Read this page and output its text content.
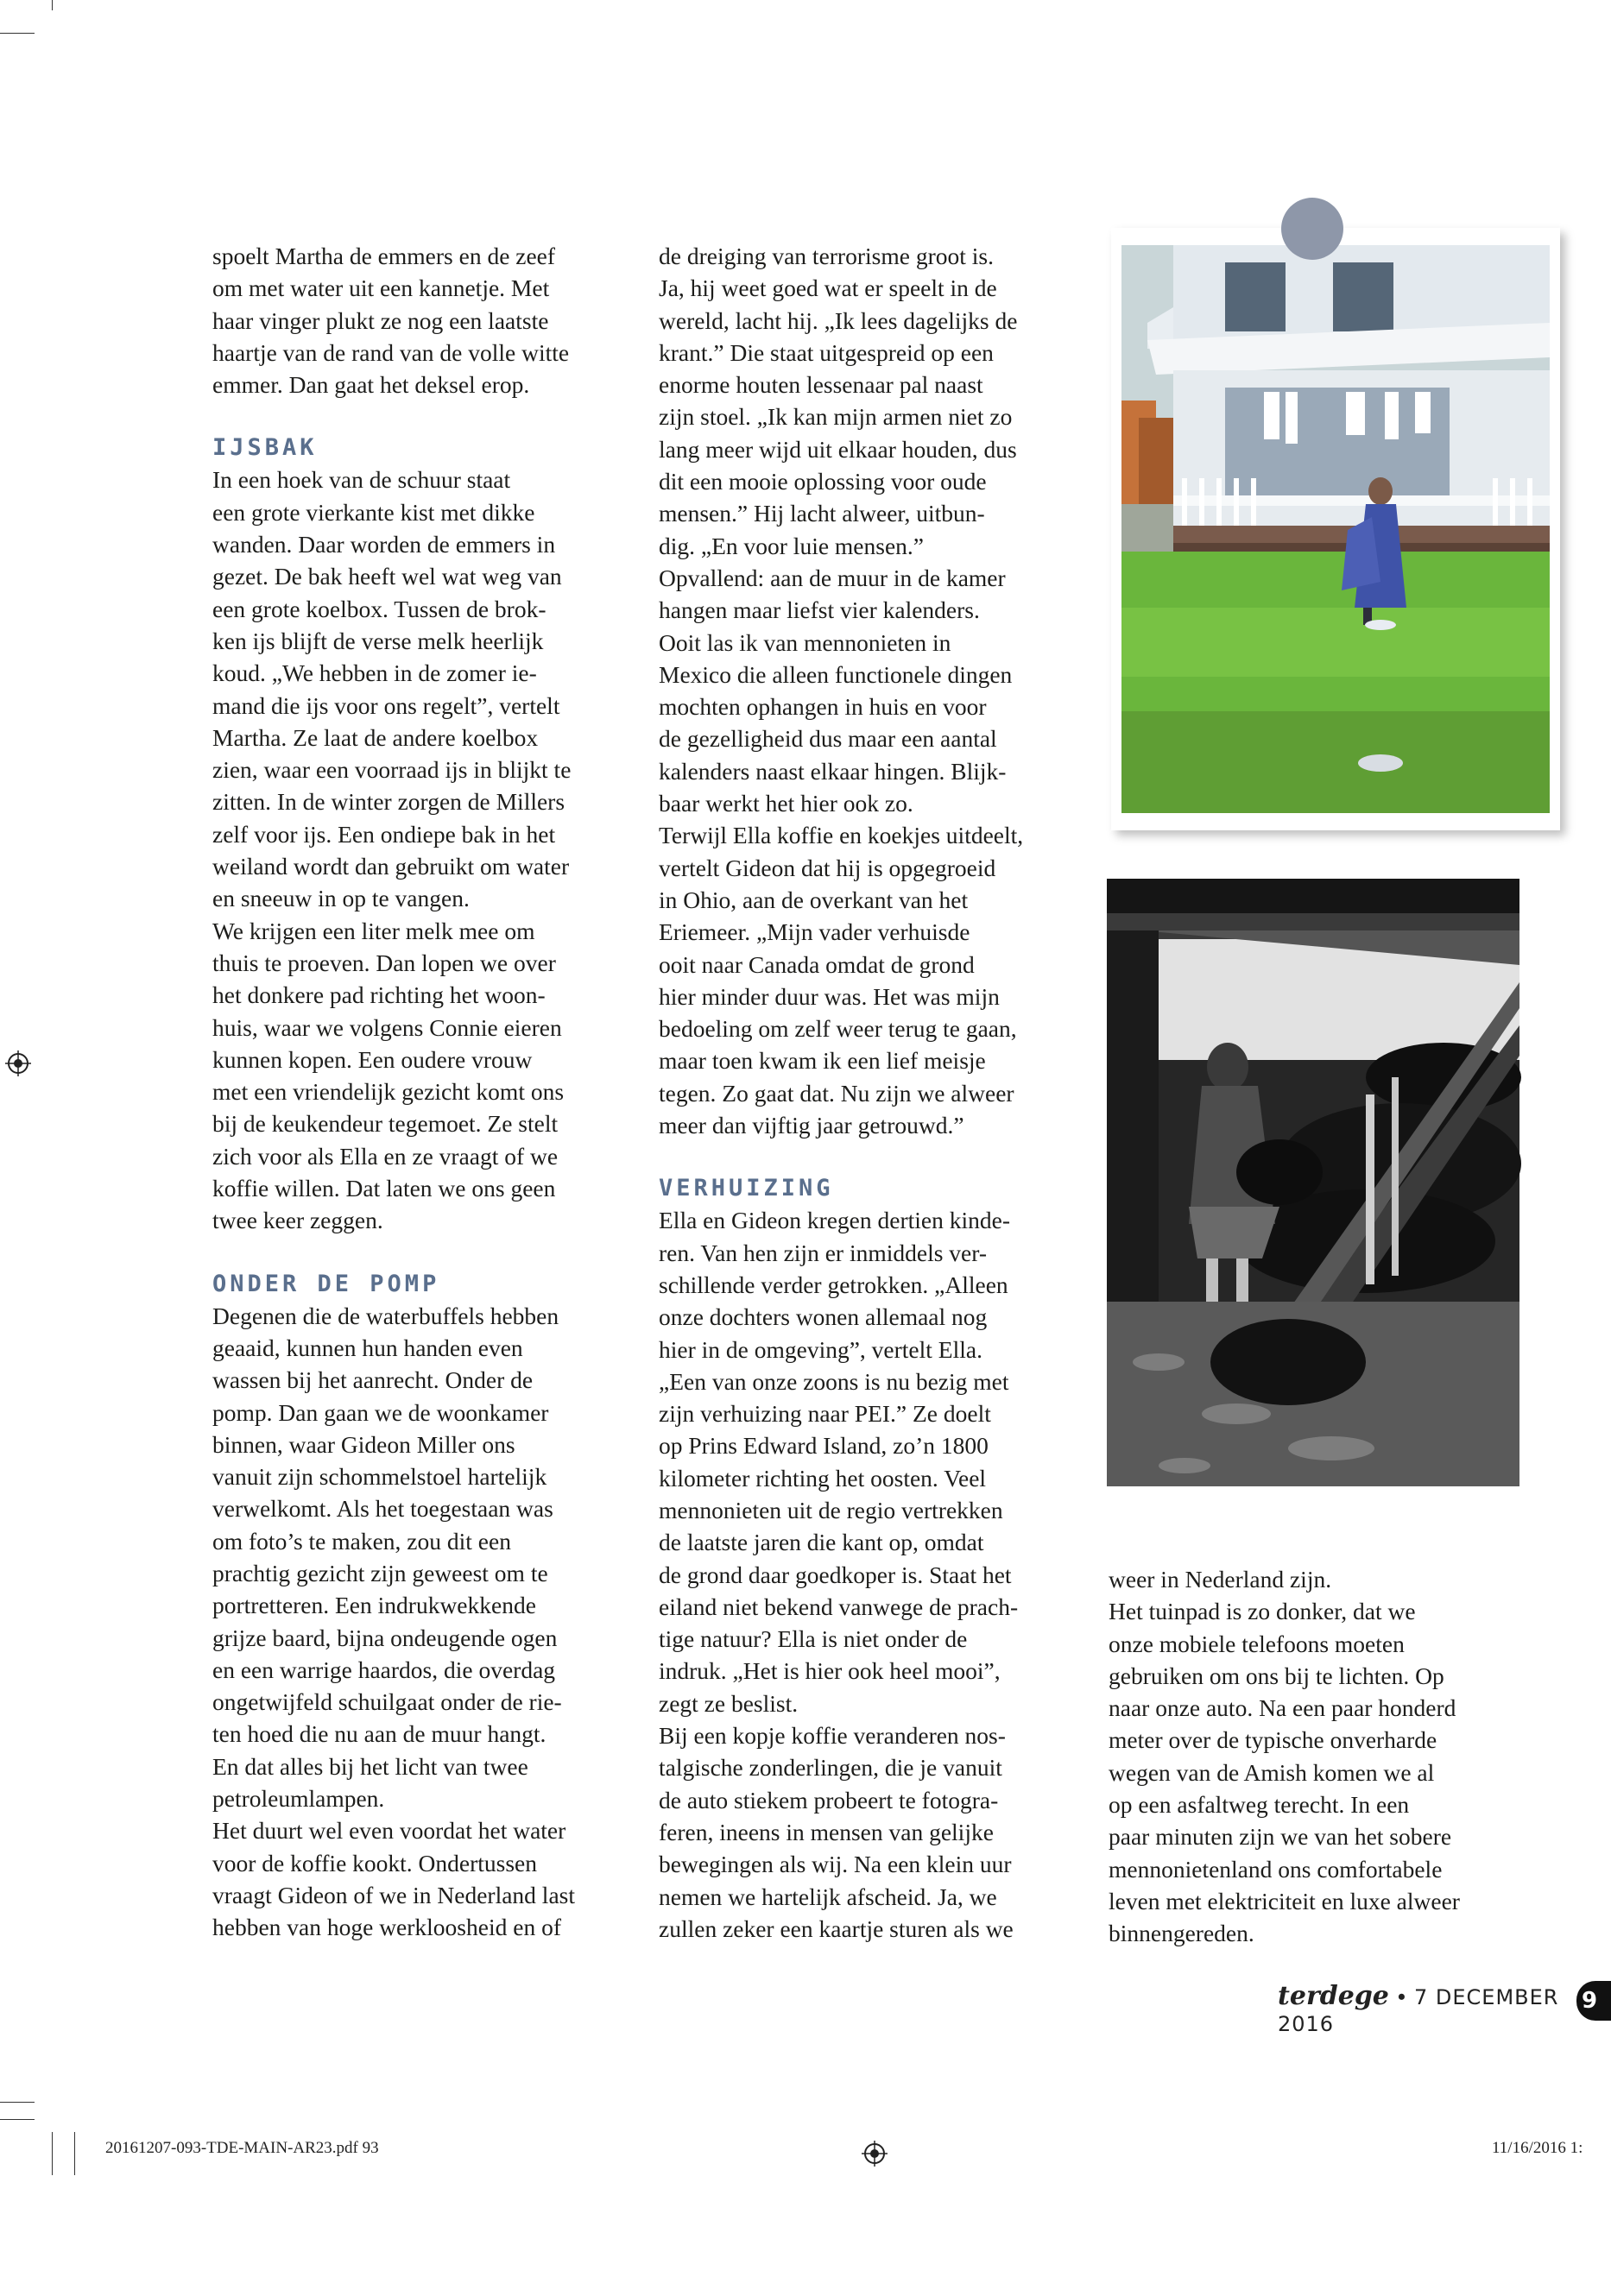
spoelt Martha de emmers en de zeef

om met water uit een kannetje. Met

haar vinger plukt ze nog een laatste

haartje van de rand van de volle witte

emmer. Dan gaat het deksel erop.

IJSBAK

In een hoek van de schuur staat

een grote vierkante kist met dikke

wanden. Daar worden de emmers in

gezet. De bak heeft wel wat weg van

een grote koelbox. Tussen de brok-

ken ijs blijft de verse melk heerlijk

koud. „We hebben in de zomer ie-

mand die ijs voor ons regelt”, vertelt

Martha. Ze laat de andere koelbox

zien, waar een voorraad ijs in blijkt te

zitten. In de winter zorgen de Millers

zelf voor ijs. Een ondiepe bak in het

weiland wordt dan gebruikt om water

en sneeuw in op te vangen.

We krijgen een liter melk mee om

thuis te proeven. Dan lopen we over

het donkere pad richting het woon-

huis, waar we volgens Connie eieren

kunnen kopen. Een oudere vrouw

met een vriendelijk gezicht komt ons

bij de keukendeur tegemoet. Ze stelt

zich voor als Ella en ze vraagt of we

koffie willen. Dat laten we ons geen

twee keer zeggen.

ONDER DE POMP

Degenen die de waterbuffels hebben

geaaid, kunnen hun handen even

wassen bij het aanrecht. Onder de

pomp. Dan gaan we de woonkamer

binnen, waar Gideon Miller ons

vanuit zijn schommelstoel hartelijk

verwelkomt. Als het toegestaan was

om foto’s te maken, zou dit een

prachtig gezicht zijn geweest om te

portretteren. Een indrukwekkende

grijze baard, bijna ondeugende ogen

en een warrige haardos, die overdag

ongetwijfeld schuilgaat onder de rie-

ten hoed die nu aan de muur hangt.

En dat alles bij het licht van twee

petroleumlampen.

Het duurt wel even voordat het water

voor de koffie kookt. Ondertussen

vraagt Gideon of we in Nederland last

hebben van hoge werkloosheid en of

de dreiging van terrorisme groot is.

Ja, hij weet goed wat er speelt in de

wereld, lacht hij. „Ik lees dagelijks de

krant.” Die staat uitgespreid op een

enorme houten lessenaar pal naast

zijn stoel. „Ik kan mijn armen niet zo

lang meer wijd uit elkaar houden, dus

dit een mooie oplossing voor oude

mensen.” Hij lacht alweer, uitbun-

dig. „En voor luie mensen.”

Opvallend: aan de muur in de kamer

hangen maar liefst vier kalenders.

Ooit las ik van mennonieten in

Mexico die alleen functionele dingen

mochten ophangen in huis en voor

de gezelligheid dus maar een aantal

kalenders naast elkaar hingen. Blijk-

baar werkt het hier ook zo.

Terwijl Ella koffie en koekjes uitdeelt,

vertelt Gideon dat hij is opgegroeid

in Ohio, aan de overkant van het

Eriemeer. „Mijn vader verhuisde

ooit naar Canada omdat de grond

hier minder duur was. Het was mijn

bedoeling om zelf weer terug te gaan,

maar toen kwam ik een lief meisje

tegen. Zo gaat dat. Nu zijn we alweer

meer dan vijftig jaar getrouwd.”

VERHUIZING

Ella en Gideon kregen dertien kinde-

ren. Van hen zijn er inmiddels ver-

schillende verder getrokken. „Alleen

onze dochters wonen allemaal nog

hier in de omgeving”, vertelt Ella.

„Een van onze zoons is nu bezig met

zijn verhuizing naar PEI.” Ze doelt

op Prins Edward Island, zo’n 1800

kilometer richting het oosten. Veel

mennonieten uit de regio vertrekken

de laatste jaren die kant op, omdat

de grond daar goedkoper is. Staat het

eiland niet bekend vanwege de prach-

tige natuur? Ella is niet onder de

indruk. „Het is hier ook heel mooi”,

zegt ze beslist.

Bij een kopje koffie veranderen nos-

talgische zonderlingen, die je vanuit

de auto stiekem probeert te fotogra-

feren, ineens in mensen van gelijke

bewegingen als wij. Na een klein uur

nemen we hartelijk afscheid. Ja, we

zullen zeker een kaartje sturen als we

weer in Nederland zijn.

Het tuinpad is zo donker, dat we

onze mobiele telefoons moeten

gebruiken om ons bij te lichten. Op

naar onze auto. Na een paar honderd

meter over de typische onverharde

wegen van de Amish komen we al

op een asfaltweg terecht. In een

paar minuten zijn we van het sobere

mennonietenland ons comfortabele

leven met elektriciteit en luxe alweer

binnengereden.

terdege • 7 DECEMBER 2016
9
20161207-093-TDE-MAIN-AR23.pdf 93	11/16/2016 1:
